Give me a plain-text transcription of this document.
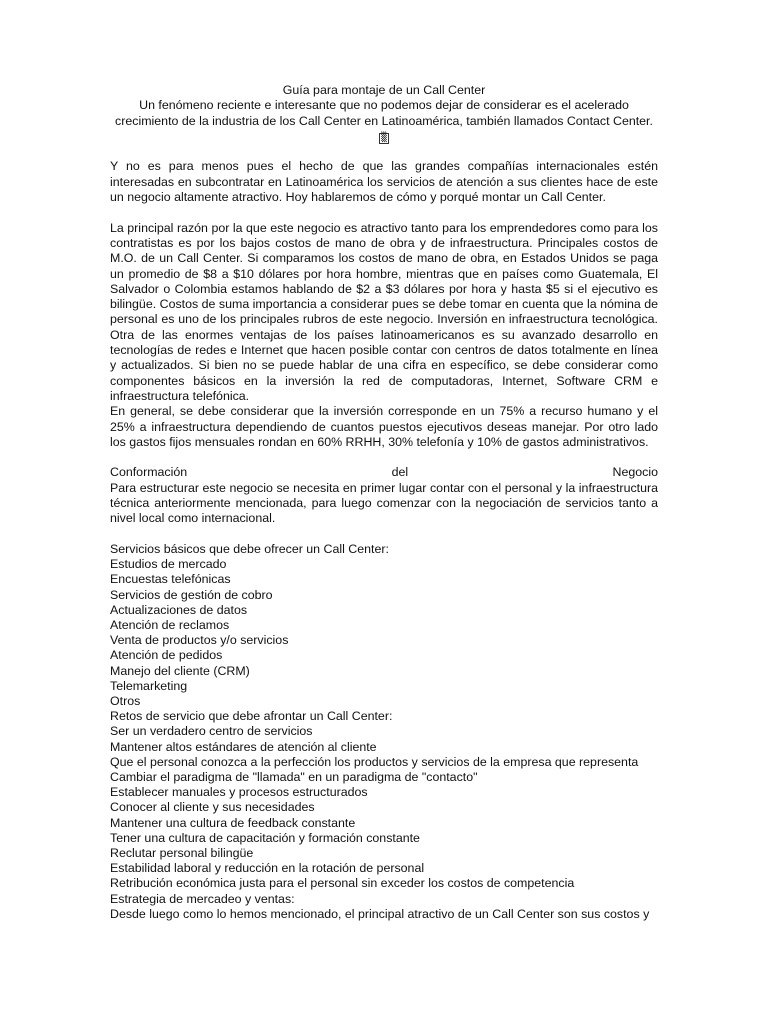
Guía para montaje de un Call Center
Un fenómeno reciente e interesante que no podemos dejar de considerar es el acelerado
crecimiento de la industria de los Call Center en Latinoamérica, también llamados Contact Center.
▒

Y no es para menos pues el hecho de que las grandes compañías internacionales estén interesadas en subcontratar en Latinoamérica los servicios de atención a sus clientes hace de este un negocio altamente atractivo. Hoy hablaremos de cómo y porqué montar un Call Center.

La principal razón por la que este negocio es atractivo tanto para los emprendedores como para los contratistas es por los bajos costos de mano de obra y de infraestructura. Principales costos de M.O. de un Call Center. Si comparamos los costos de mano de obra, en Estados Unidos se paga un promedio de $8 a $10 dólares por hora hombre, mientras que en países como Guatemala, El Salvador o Colombia estamos hablando de $2 a $3 dólares por hora y hasta $5 si el ejecutivo es bilingüe. Costos de suma importancia a considerar pues se debe tomar en cuenta que la nómina de personal es uno de los principales rubros de este negocio. Inversión en infraestructura tecnológica. Otra de las enormes ventajas de los países latinoamericanos es su avanzado desarrollo en tecnologías de redes e Internet que hacen posible contar con centros de datos totalmente en línea y actualizados. Si bien no se puede hablar de una cifra en específico, se debe considerar como componentes básicos en la inversión la red de computadoras, Internet, Software CRM e infraestructura telefónica.

En general, se debe considerar que la inversión corresponde en un 75% a recurso humano y el 25% a infraestructura dependiendo de cuantos puestos ejecutivos deseas manejar. Por otro lado los gastos fijos mensuales rondan en 60% RRHH, 30% telefonía y 10% de gastos administrativos.

Conformación	del	Negocio

Para estructurar este negocio se necesita en primer lugar contar con el personal y la infraestructura técnica anteriormente mencionada, para luego comenzar con la negociación de servicios tanto a nivel local como internacional.

Servicios básicos que debe ofrecer un Call Center:
Estudios de mercado
Encuestas telefónicas
Servicios de gestión de cobro
Actualizaciones de datos
Atención de reclamos
Venta de productos y/o servicios
Atención de pedidos
Manejo del cliente (CRM)
Telemarketing
Otros
Retos de servicio que debe afrontar un Call Center:
Ser un verdadero centro de servicios
Mantener altos estándares de atención al cliente
Que el personal conozca a la perfección los productos y servicios de la empresa que representa
Cambiar el paradigma de "llamada" en un paradigma de "contacto"
Establecer manuales y procesos estructurados
Conocer al cliente y sus necesidades
Mantener una cultura de feedback constante
Tener una cultura de capacitación y formación constante
Reclutar personal bilingüe
Estabilidad laboral y reducción en la rotación de personal
Retribución económica justa para el personal sin exceder los costos de competencia
Estrategia de mercadeo y ventas:
Desde luego como lo hemos mencionado, el principal atractivo de un Call Center son sus costos y
